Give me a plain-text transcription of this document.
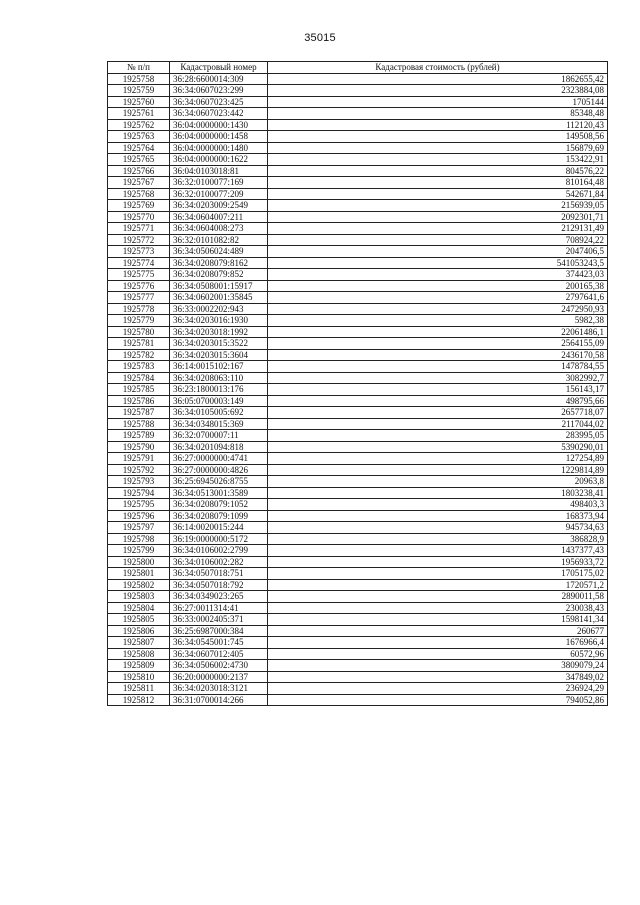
35015
№ п/п	Кадастровый номер	Кадастровая стоимость (рублей)
1925758	36:28:6600014:309	1862655,42
1925759	36:34:0607023:299	2323884,08
1925760	36:34:0607023:425	1705144
1925761	36:34:0607023:442	85348,48
1925762	36:04:0000000:1430	112120,43
1925763	36:04:0000000:1458	149508,56
1925764	36:04:0000000:1480	156879,69
1925765	36:04:0000000:1622	153422,91
1925766	36:04:0103018:81	804576,22
1925767	36:32:0100077:169	810164,48
1925768	36:32:0100077:209	542671,84
1925769	36:34:0203009:2549	2156939,05
1925770	36:34:0604007:211	2092301,71
1925771	36:34:0604008:273	2129131,49
1925772	36:32:0101082:82	708924,22
1925773	36:34:0506024:489	2047406,5
1925774	36:34:0208079:8162	541053243,5
1925775	36:34:0208079:852	374423,03
1925776	36:34:0508001:15917	200165,38
1925777	36:34:0602001:35845	2797641,6
1925778	36:33:0002202:943	2472950,93
1925779	36:34:0203016:1930	5982,38
1925780	36:34:0203018:1992	22061486,1
1925781	36:34:0203015:3522	2564155,09
1925782	36:34:0203015:3604	2436170,58
1925783	36:14:0015102:167	1478784,55
1925784	36:34:0208063:110	3082992,7
1925785	36:23:1800013:176	156143,17
1925786	36:05:0700003:149	498795,66
1925787	36:34:0105005:692	2657718,07
1925788	36:34:0348015:369	2117044,02
1925789	36:32:0700007:11	283995,05
1925790	36:34:0201094:818	5390290,01
1925791	36:27:0000000:4741	127254,89
1925792	36:27:0000000:4826	1229814,89
1925793	36:25:6945026:8755	20963,8
1925794	36:34:0513001:3589	1803238,41
1925795	36:34:0208079:1052	498403,3
1925796	36:34:0208079:1099	168373,94
1925797	36:14:0020015:244	945734,63
1925798	36:19:0000000:5172	386828,9
1925799	36:34:0106002:2799	1437377,43
1925800	36:34:0106002:282	1956933,72
1925801	36:34:0507018:751	1705175,02
1925802	36:34:0507018:792	1720571,2
1925803	36:34:0349023:265	2890011,58
1925804	36:27:0011314:41	230038,43
1925805	36:33:0002405:371	1598141,34
1925806	36:25:6987000:384	260677
1925807	36:34:0545001:745	1676966,4
1925808	36:34:0607012:405	60572,96
1925809	36:34:0506002:4730	3809079,24
1925810	36:20:0000000:2137	347849,02
1925811	36:34:0203018:3121	236924,29
1925812	36:31:0700014:266	794052,86
